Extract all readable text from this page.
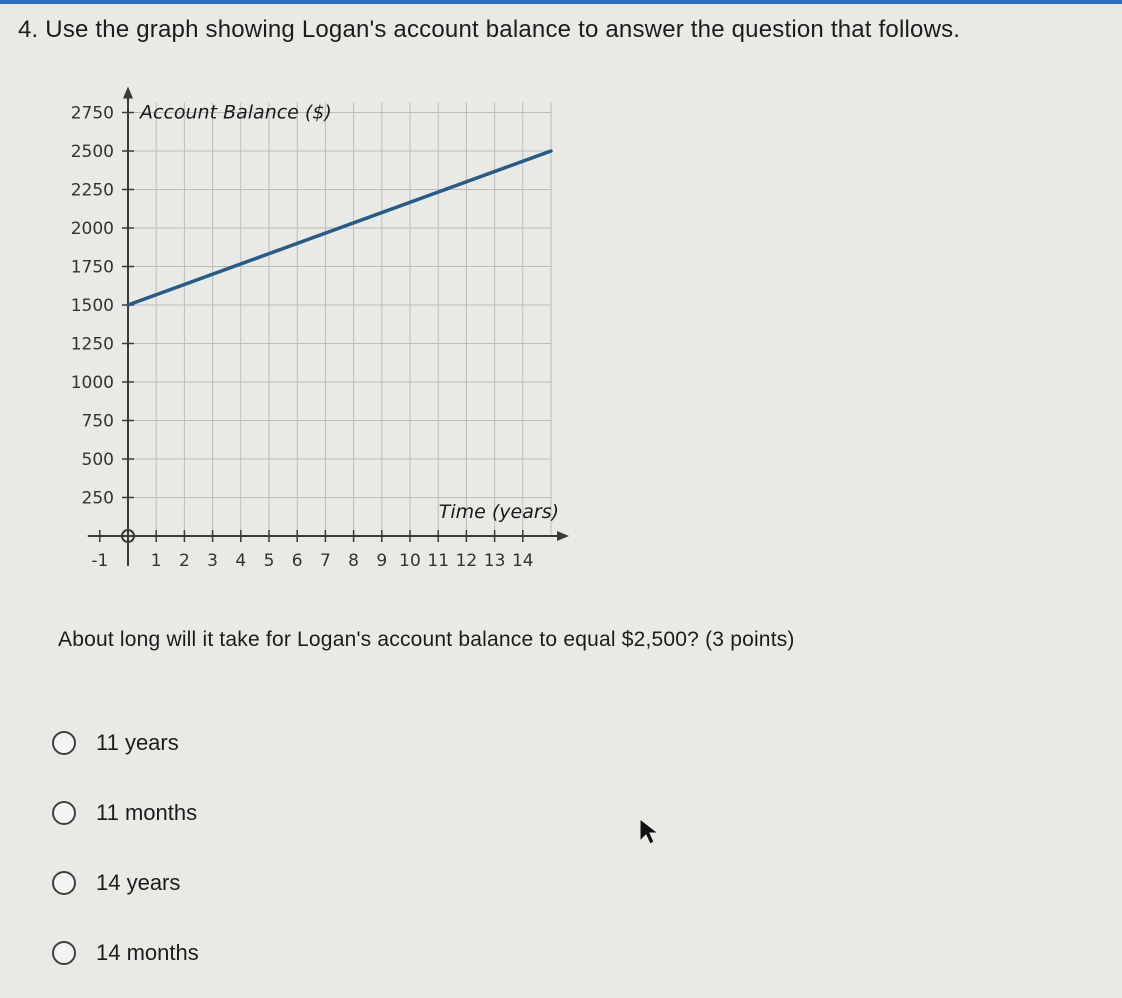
4. Use the graph showing Logan's account balance to answer the question that follows.
250
500
750
1000
1250
1500
1750
2000
2250
2500
2750
-1	1 2 3 4 5 6 7 8 9 10 11 12 13 14
Account Balance ($)
Time (years)
About long will it take for Logan's account balance to equal $2,500? (3 points)
11 years
11 months
14 years
14 months
